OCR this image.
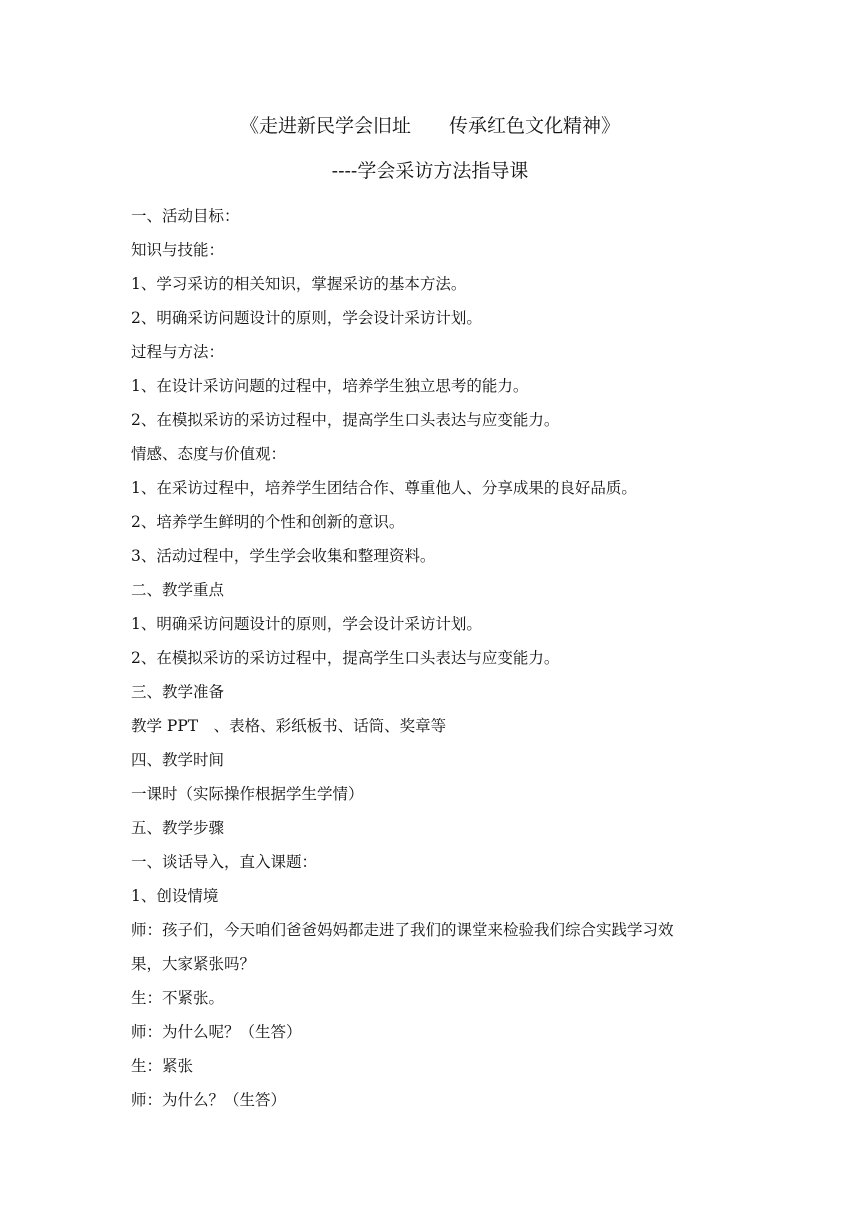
《走进新民学会旧址　　传承红色文化精神》
----学会采访方法指导课
一、活动目标：
知识与技能：
1、学习采访的相关知识，掌握采访的基本方法。
2、明确采访问题设计的原则，学会设计采访计划。
过程与方法：
1、在设计采访问题的过程中，培养学生独立思考的能力。
2、在模拟采访的采访过程中，提高学生口头表达与应变能力。
情感、态度与价值观：
1、在采访过程中，培养学生团结合作、尊重他人、分享成果的良好品质。
2、培养学生鲜明的个性和创新的意识。
3、活动过程中，学生学会收集和整理资料。
二、教学重点
1、明确采访问题设计的原则，学会设计采访计划。
2、在模拟采访的采访过程中，提高学生口头表达与应变能力。
三、教学准备
教学 PPT　、表格、彩纸板书、话筒、奖章等
四、教学时间
一课时（实际操作根据学生学情）
五、教学步骤
一、谈话导入，直入课题：
1、创设情境
师：孩子们，今天咱们爸爸妈妈都走进了我们的课堂来检验我们综合实践学习效
果，大家紧张吗？
生：不紧张。
师：为什么呢？（生答）
生：紧张
师：为什么？（生答）
